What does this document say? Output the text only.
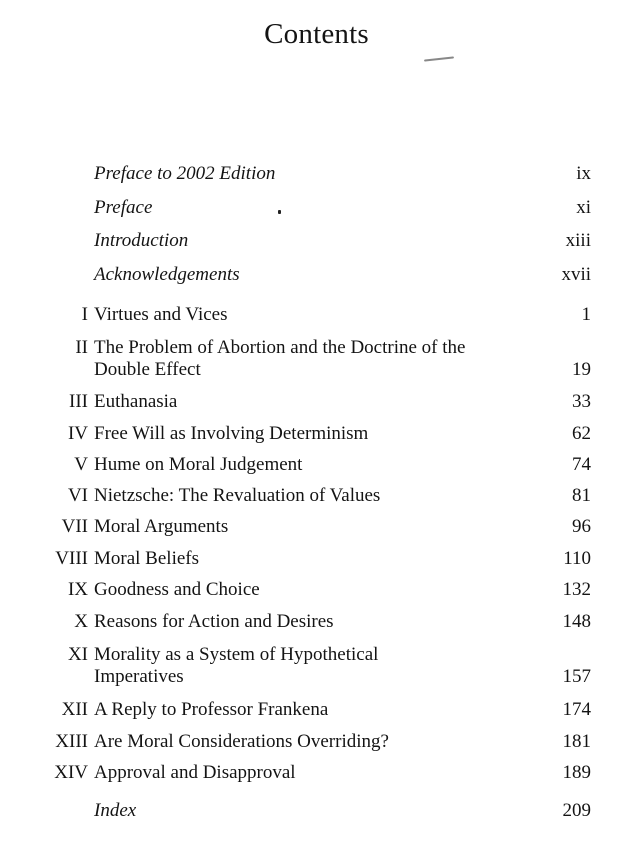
Contents
Preface to 2002 Edition	ix
Preface	xi
Introduction	xiii
Acknowledgements	xvii
I Virtues and Vices	1
II The Problem of Abortion and the Doctrine of the
Double Effect	19
III Euthanasia	33
IV Free Will as Involving Determinism	62
V Hume on Moral Judgement	74
VI Nietzsche: The Revaluation of Values	81
VII Moral Arguments	96
VIII Moral Beliefs	110
IX Goodness and Choice	132
X Reasons for Action and Desires	148
XI Morality as a System of Hypothetical
Imperatives	157
XII A Reply to Professor Frankena	174
XIII Are Moral Considerations Overriding?	181
XIV Approval and Disapproval	189
Index	209
